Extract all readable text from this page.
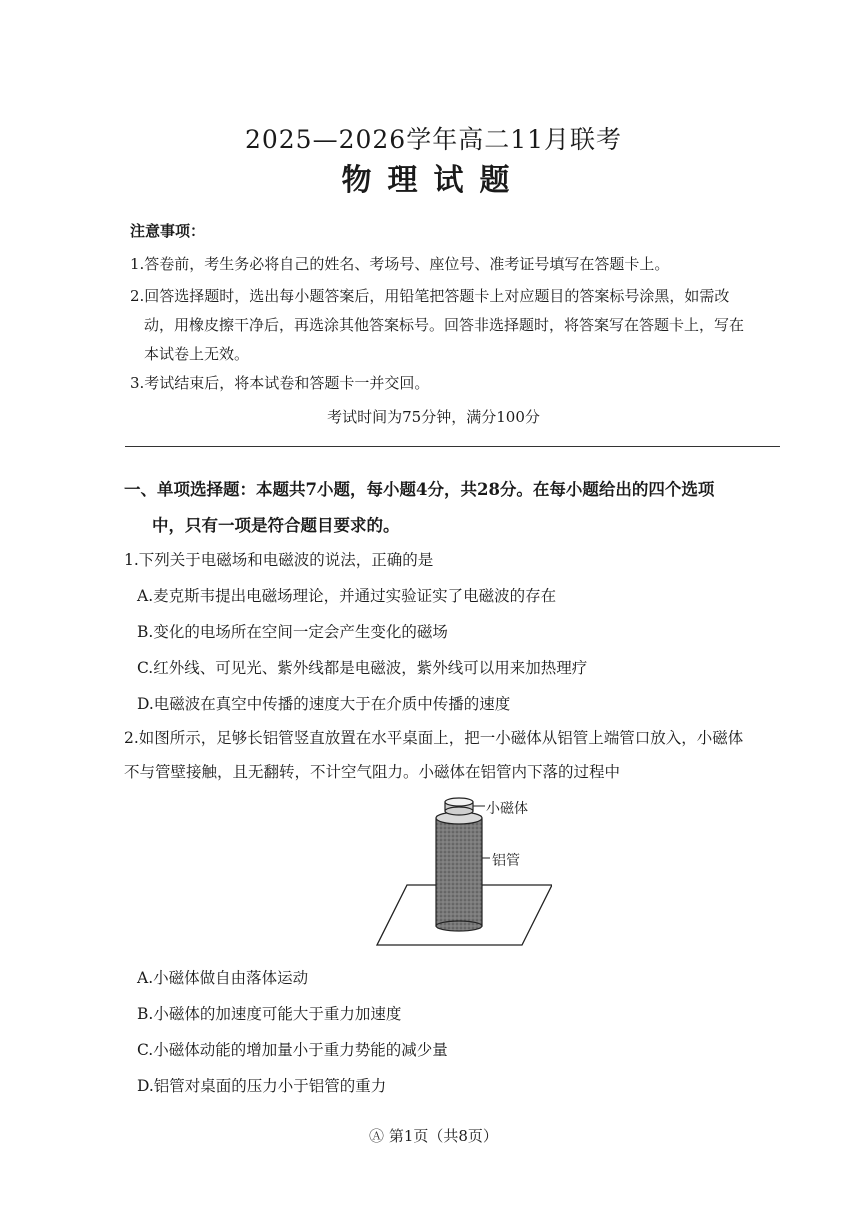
2025—2026学年高二11月联考
物理试题
注意事项：
1.答卷前，考生务必将自己的姓名、考场号、座位号、准考证号填写在答题卡上。
2.回答选择题时，选出每小题答案后，用铅笔把答题卡上对应题目的答案标号涂黑，如需改
动，用橡皮擦干净后，再选涂其他答案标号。回答非选择题时，将答案写在答题卡上，写在
本试卷上无效。
3.考试结束后，将本试卷和答题卡一并交回。
考试时间为75分钟，满分100分
一、单项选择题：本题共7小题，每小题4分，共28分。在每小题给出的四个选项
中，只有一项是符合题目要求的。
1.下列关于电磁场和电磁波的说法，正确的是
A.麦克斯韦提出电磁场理论，并通过实验证实了电磁波的存在
B.变化的电场所在空间一定会产生变化的磁场
C.红外线、可见光、紫外线都是电磁波，紫外线可以用来加热理疗
D.电磁波在真空中传播的速度大于在介质中传播的速度
2.如图所示，足够长铝管竖直放置在水平桌面上，把一小磁体从铝管上端管口放入，小磁体
不与管壁接触，且无翻转，不计空气阻力。小磁体在铝管内下落的过程中
小磁体
铝管
A.小磁体做自由落体运动
B.小磁体的加速度可能大于重力加速度
C.小磁体动能的增加量小于重力势能的减少量
D.铝管对桌面的压力小于铝管的重力
Ⓐ 第1页（共8页）
